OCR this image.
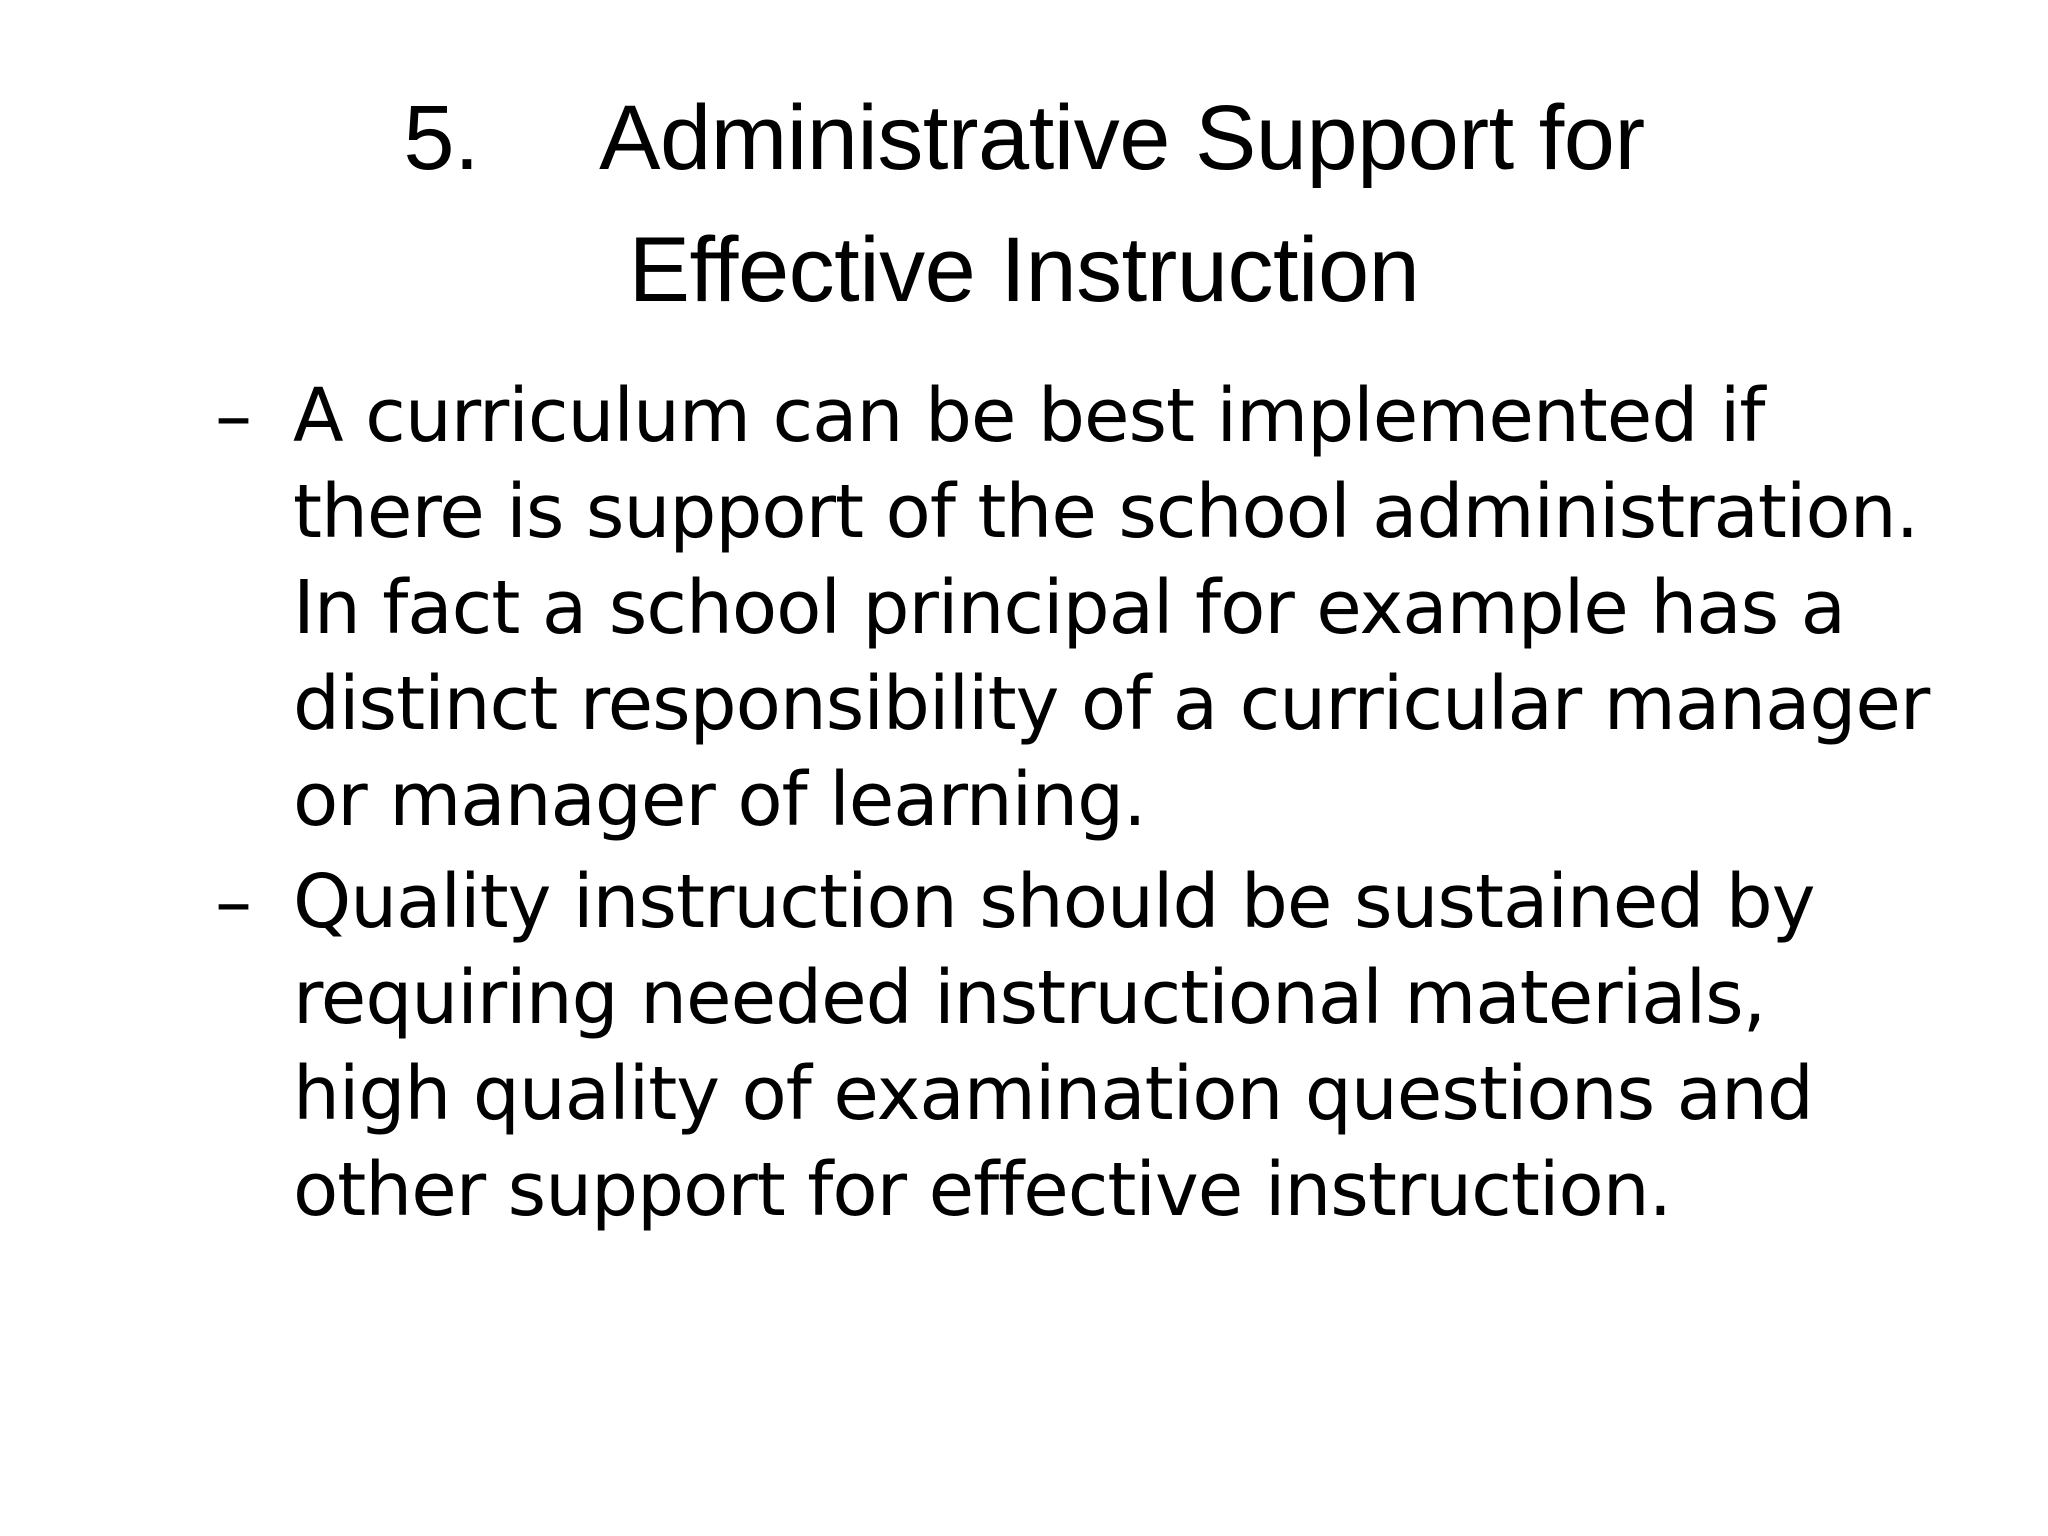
5. Administrative Support for
Effective Instruction
– A curriculum can be best implemented if there is support of the school administration. In fact a school principal for example has a distinct responsibility of a curricular manager or manager of learning.
– Quality instruction should be sustained by requiring needed instructional materials, high quality of examination questions and other support for effective instruction.
